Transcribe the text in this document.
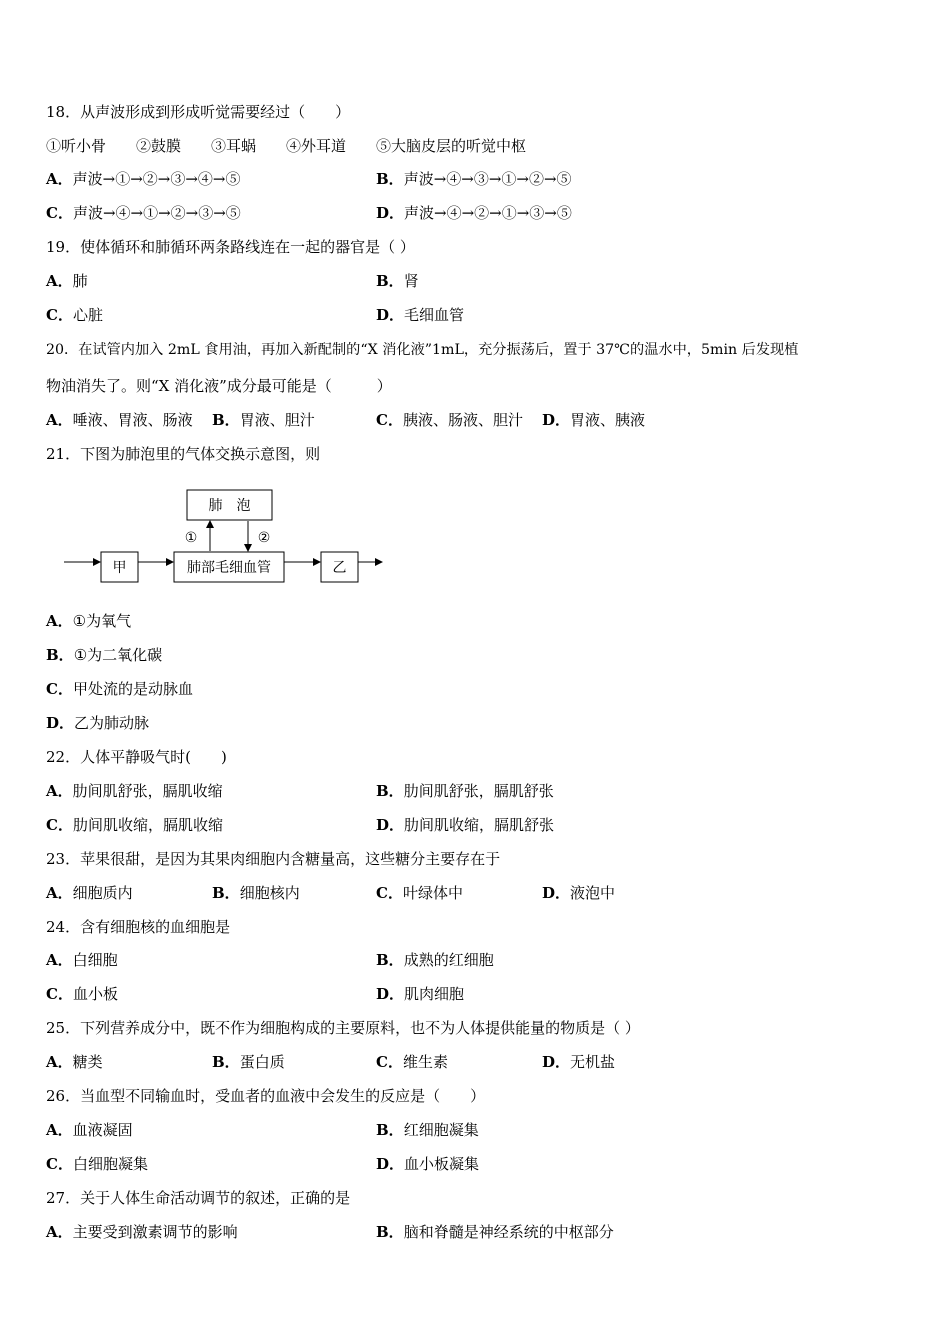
18．从声波形成到形成听觉需要经过（　　）
①听小骨　　②鼓膜　　③耳蜗　　④外耳道　　⑤大脑皮层的听觉中枢
A．声波→①→②→③→④→⑤	B．声波→④→③→①→②→⑤
C．声波→④→①→②→③→⑤	D．声波→④→②→①→③→⑤
19．使体循环和肺循环两条路线连在一起的器官是（ ）
A．肺	B．肾
C．心脏	D．毛细血管
20．在试管内加入 2mL 食用油，再加入新配制的“X 消化液”1mL，充分振荡后，置于 37℃的温水中，5min 后发现植
物油消失了。则“X 消化液”成分最可能是（　　　）
A．唾液、胃液、肠液 B．胃液、胆汁	C．胰液、肠液、胆汁 D．胃液、胰液
21．下图为肺泡里的气体交换示意图，则
肺　泡
肺部毛细血管
甲	乙
①	②
A．①为氧气
B．①为二氧化碳
C．甲处流的是动脉血
D．乙为肺动脉
22．人体平静吸气时(　　)
A．肋间肌舒张，膈肌收缩	B．肋间肌舒张，膈肌舒张
C．肋间肌收缩，膈肌收缩	D．肋间肌收缩，膈肌舒张
23．苹果很甜，是因为其果肉细胞内含糖量高，这些糖分主要存在于
A．细胞质内	B．细胞核内	C．叶绿体中	D．液泡中
24．含有细胞核的血细胞是
A．白细胞	B．成熟的红细胞
C．血小板	D．肌肉细胞
25．下列营养成分中，既不作为细胞构成的主要原料，也不为人体提供能量的物质是（ ）
A．糖类	B．蛋白质	C．维生素	D．无机盐
26．当血型不同输血时，受血者的血液中会发生的反应是（　　）
A．血液凝固	B．红细胞凝集
C．白细胞凝集	D．血小板凝集
27．关于人体生命活动调节的叙述，正确的是
A．主要受到激素调节的影响	B．脑和脊髓是神经系统的中枢部分
